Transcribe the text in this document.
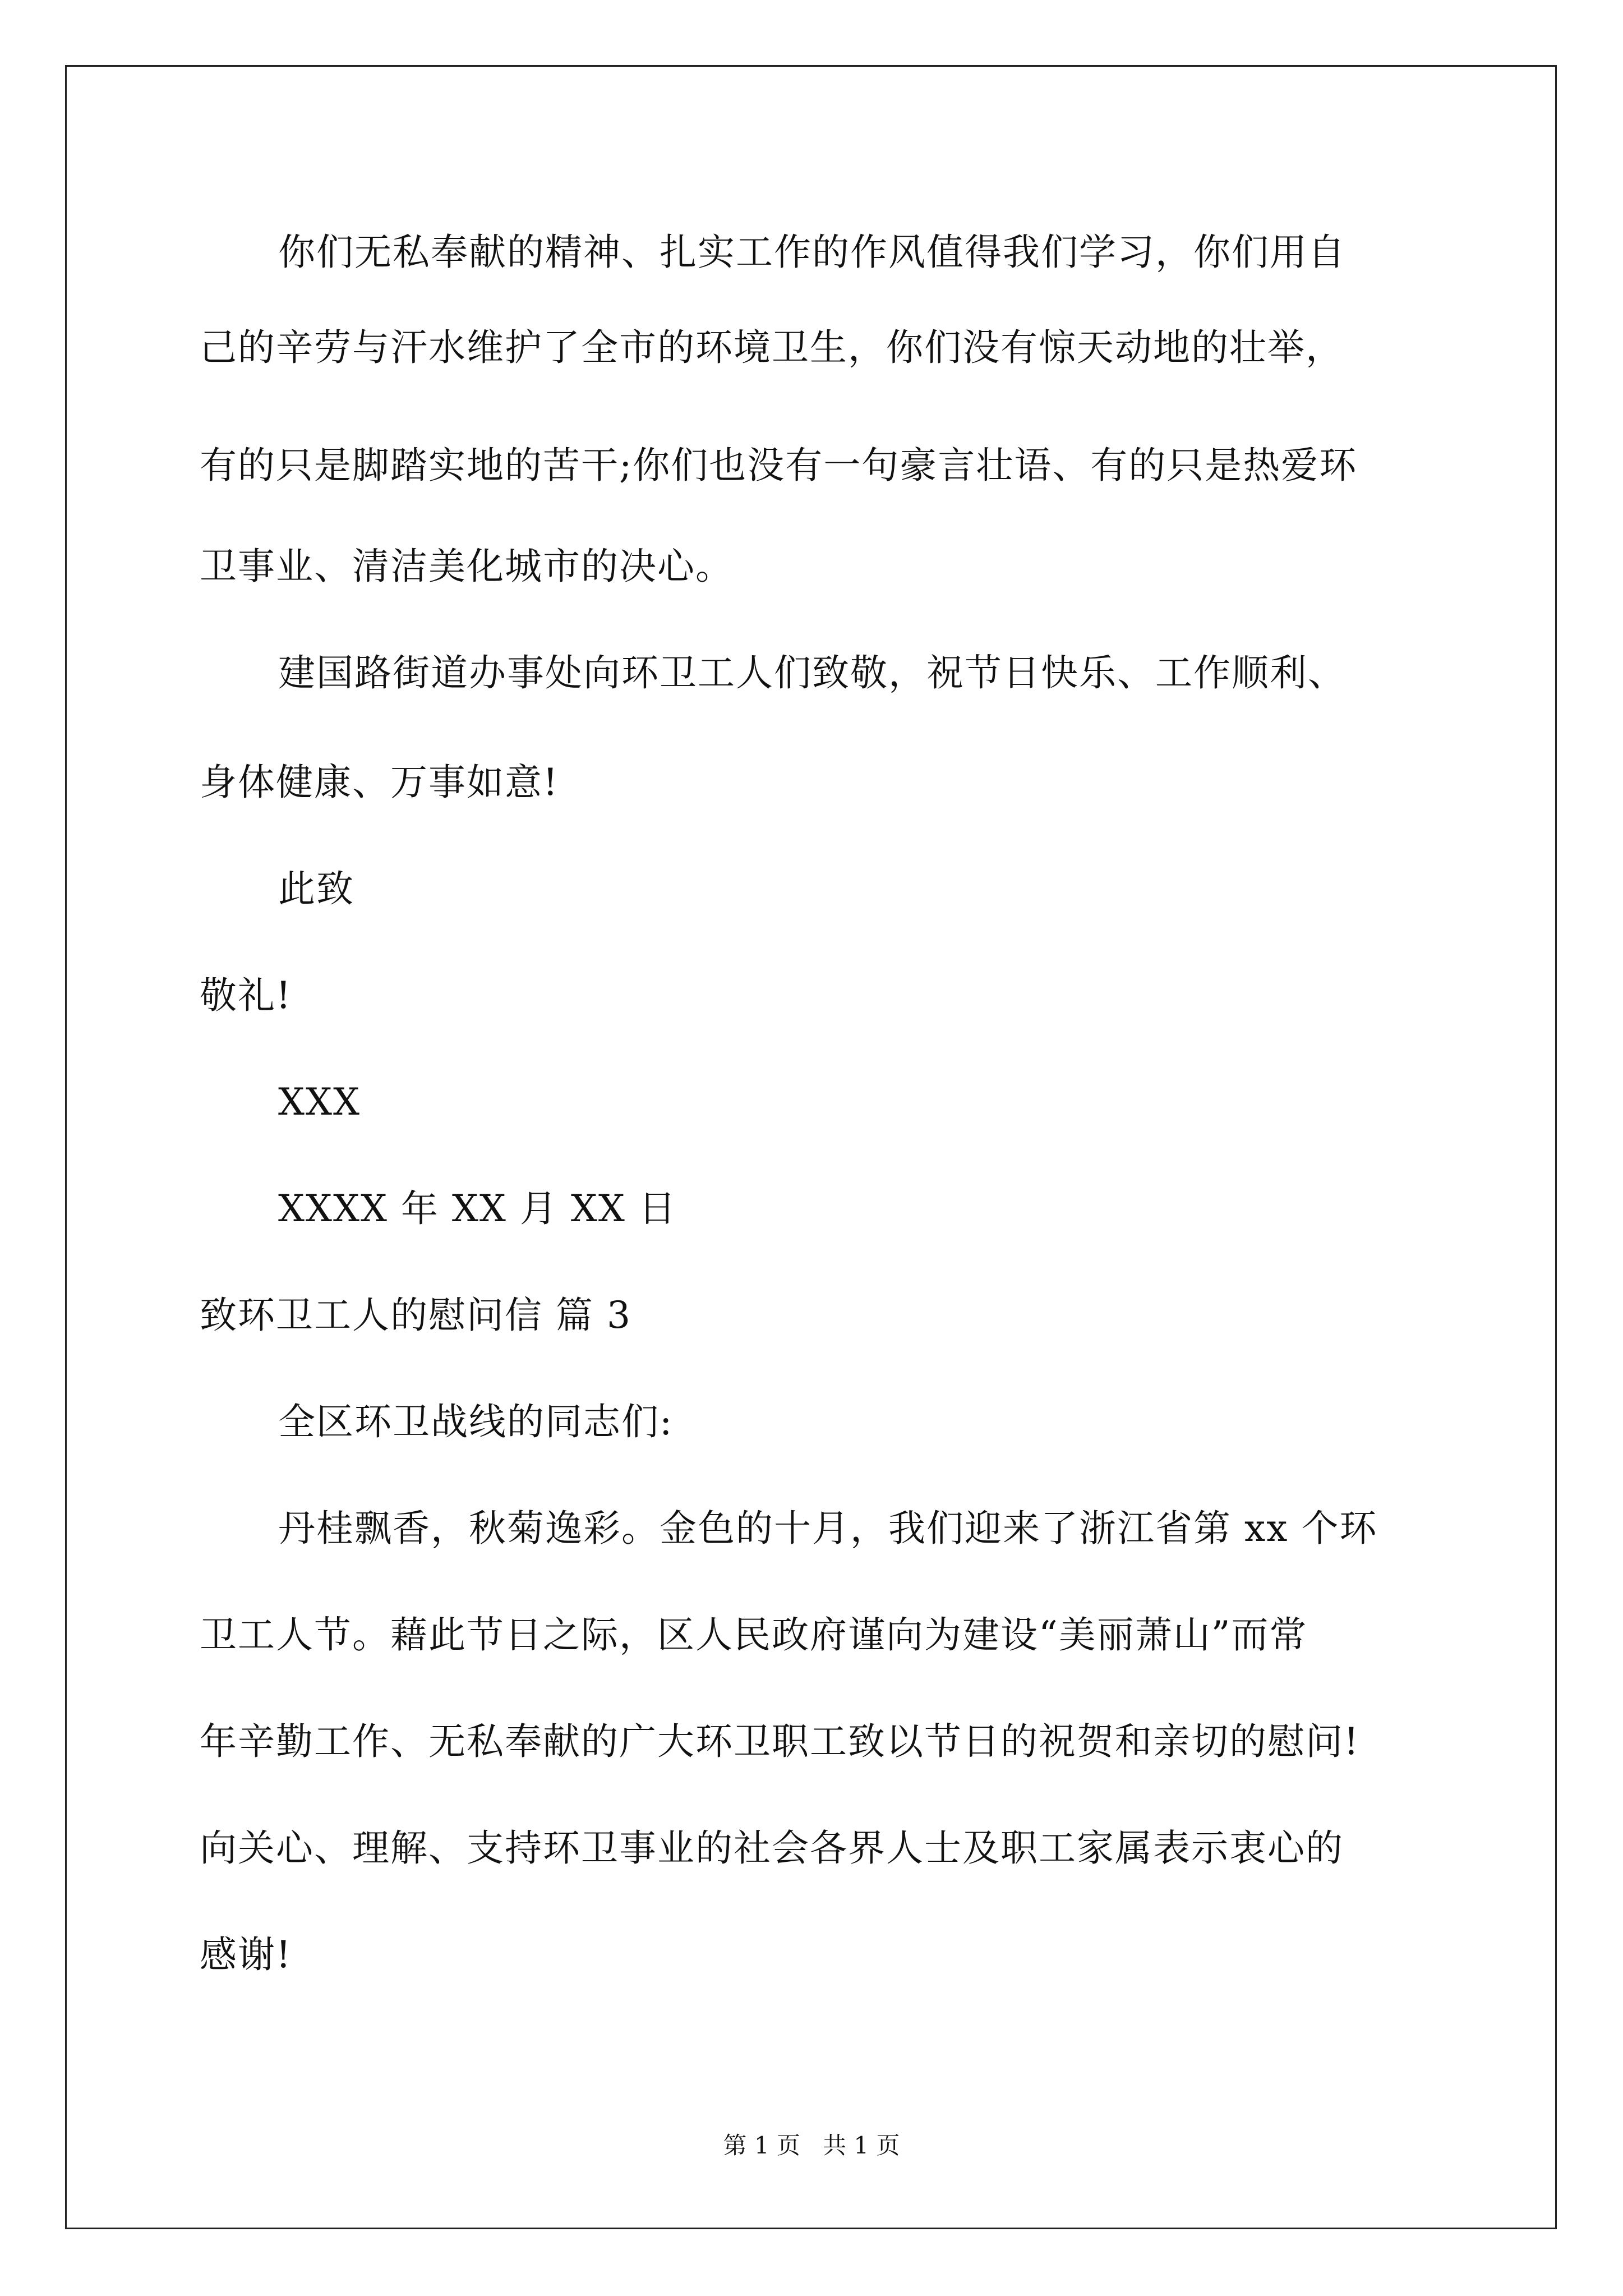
你们无私奉献的精神、扎实工作的作风值得我们学习，你们用自
己的辛劳与汗水维护了全市的环境卫生，你们没有惊天动地的壮举，
有的只是脚踏实地的苦干;你们也没有一句豪言壮语、有的只是热爱环
卫事业、清洁美化城市的决心。
建国路街道办事处向环卫工人们致敬，祝节日快乐、工作顺利、
身体健康、万事如意!
此致
敬礼!
XXX
XXXX 年 XX 月 XX 日
致环卫工人的慰问信 篇 3
全区环卫战线的同志们:
丹桂飘香，秋菊逸彩。金色的十月，我们迎来了浙江省第 xx 个环
卫工人节。藉此节日之际，区人民政府谨向为建设“美丽萧山”而常
年辛勤工作、无私奉献的广大环卫职工致以节日的祝贺和亲切的慰问!
向关心、理解、支持环卫事业的社会各界人士及职工家属表示衷心的
感谢!
第 1 页   共 1 页
